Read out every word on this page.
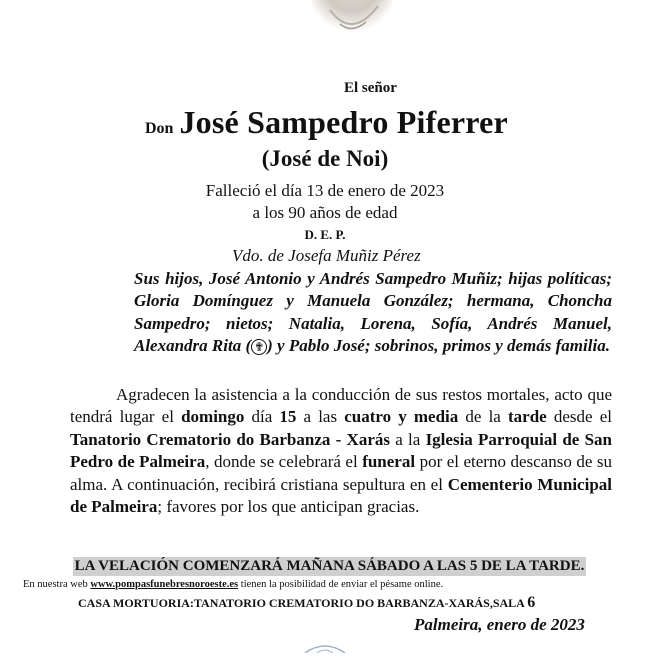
El señor
Don José Sampedro Piferrer
(José de Noi)
Falleció el día 13 de enero de 2023
a los 90 años de edad
D. E. P.
Vdo. de Josefa Muñiz Pérez
Sus hijos, José Antonio y Andrés Sampedro Muñiz; hijas políticas; Gloria Domínguez y Manuela González; hermana, Choncha Sampedro; nietos; Natalia, Lorena, Sofía, Andrés Manuel, Alexandra Rita ( ✟ ) y Pablo José; sobrinos, primos y demás familia.
Agradecen la asistencia a la conducción de sus restos mortales, acto que tendrá lugar el domingo día 15 a las cuatro y media de la tarde desde el Tanatorio Crematorio do Barbanza - Xarás a la Iglesia Parroquial de San Pedro de Palmeira, donde se celebrará el funeral por el eterno descanso de su alma. A continuación, recibirá cristiana sepultura en el Cementerio Municipal de Palmeira; favores por los que anticipan gracias.
LA VELACIÓN COMENZARÁ MAÑANA SÁBADO A LAS 5 DE LA TARDE.
En nuestra web www.pompasfunebresnoroeste.es tienen la posibilidad de enviar el pésame online.
CASA MORTUORIA:TANATORIO CREMATORIO DO BARBANZA-XARÁS,SALA 6
Palmeira, enero de 2023
